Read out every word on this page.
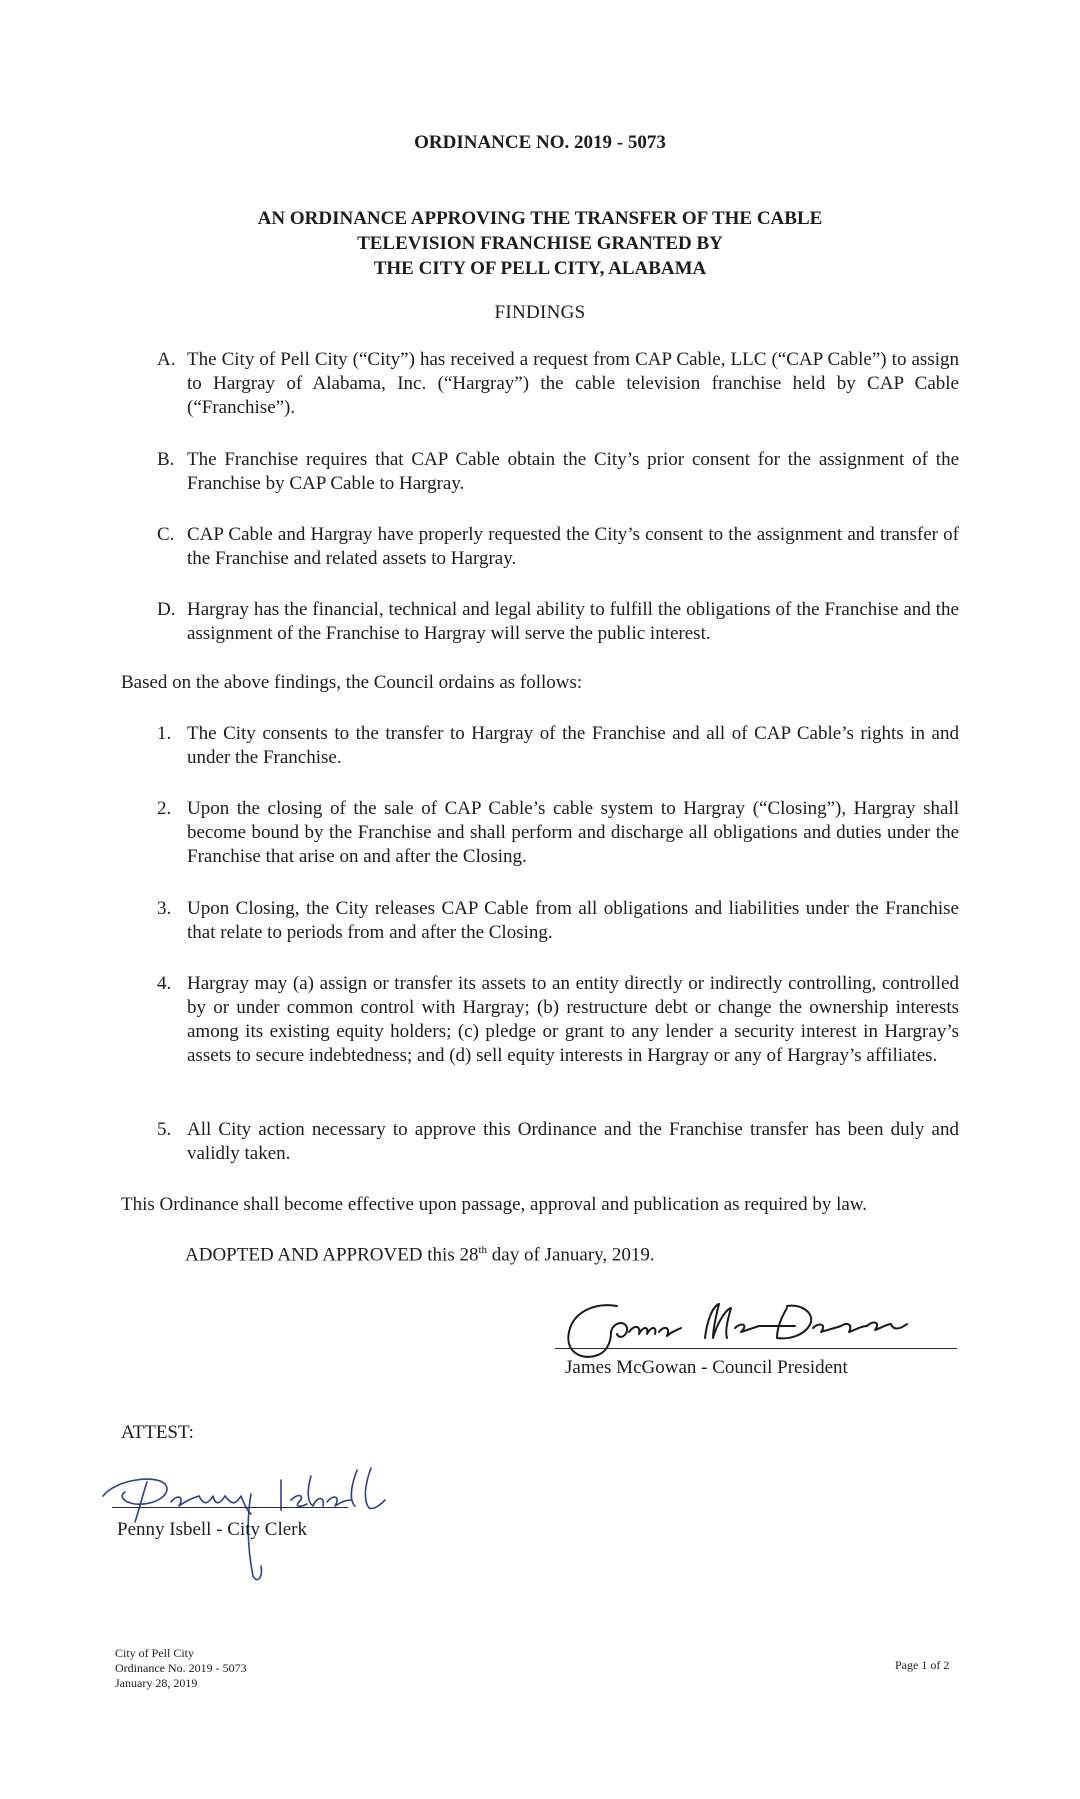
ORDINANCE NO. 2019 - 5073
AN ORDINANCE APPROVING THE TRANSFER OF THE CABLE
TELEVISION FRANCHISE GRANTED BY
THE CITY OF PELL CITY, ALABAMA
FINDINGS
A. The City of Pell City (“City”) has received a request from CAP Cable, LLC (“CAP Cable”) to assign to Hargray of Alabama, Inc. (“Hargray”) the cable television franchise held by CAP Cable (“Franchise”).
B. The Franchise requires that CAP Cable obtain the City’s prior consent for the assignment of the Franchise by CAP Cable to Hargray.
C. CAP Cable and Hargray have properly requested the City’s consent to the assignment and transfer of the Franchise and related assets to Hargray.
D. Hargray has the financial, technical and legal ability to fulfill the obligations of the Franchise and the assignment of the Franchise to Hargray will serve the public interest.
Based on the above findings, the Council ordains as follows:
1. The City consents to the transfer to Hargray of the Franchise and all of CAP Cable’s rights in and under the Franchise.
2. Upon the closing of the sale of CAP Cable’s cable system to Hargray (“Closing”), Hargray shall become bound by the Franchise and shall perform and discharge all obligations and duties under the Franchise that arise on and after the Closing.
3. Upon Closing, the City releases CAP Cable from all obligations and liabilities under the Franchise that relate to periods from and after the Closing.
4. Hargray may (a) assign or transfer its assets to an entity directly or indirectly controlling, controlled by or under common control with Hargray; (b) restructure debt or change the ownership interests among its existing equity holders; (c) pledge or grant to any lender a security interest in Hargray’s assets to secure indebtedness; and (d) sell equity interests in Hargray or any of Hargray’s affiliates.
5. All City action necessary to approve this Ordinance and the Franchise transfer has been duly and validly taken.
This Ordinance shall become effective upon passage, approval and publication as required by law.
ADOPTED AND APPROVED this 28th day of January, 2019.
James McGowan - Council President
ATTEST:
Penny Isbell - City Clerk
City of Pell City
Ordinance No. 2019 - 5073
January 28, 2019
Page 1 of 2
